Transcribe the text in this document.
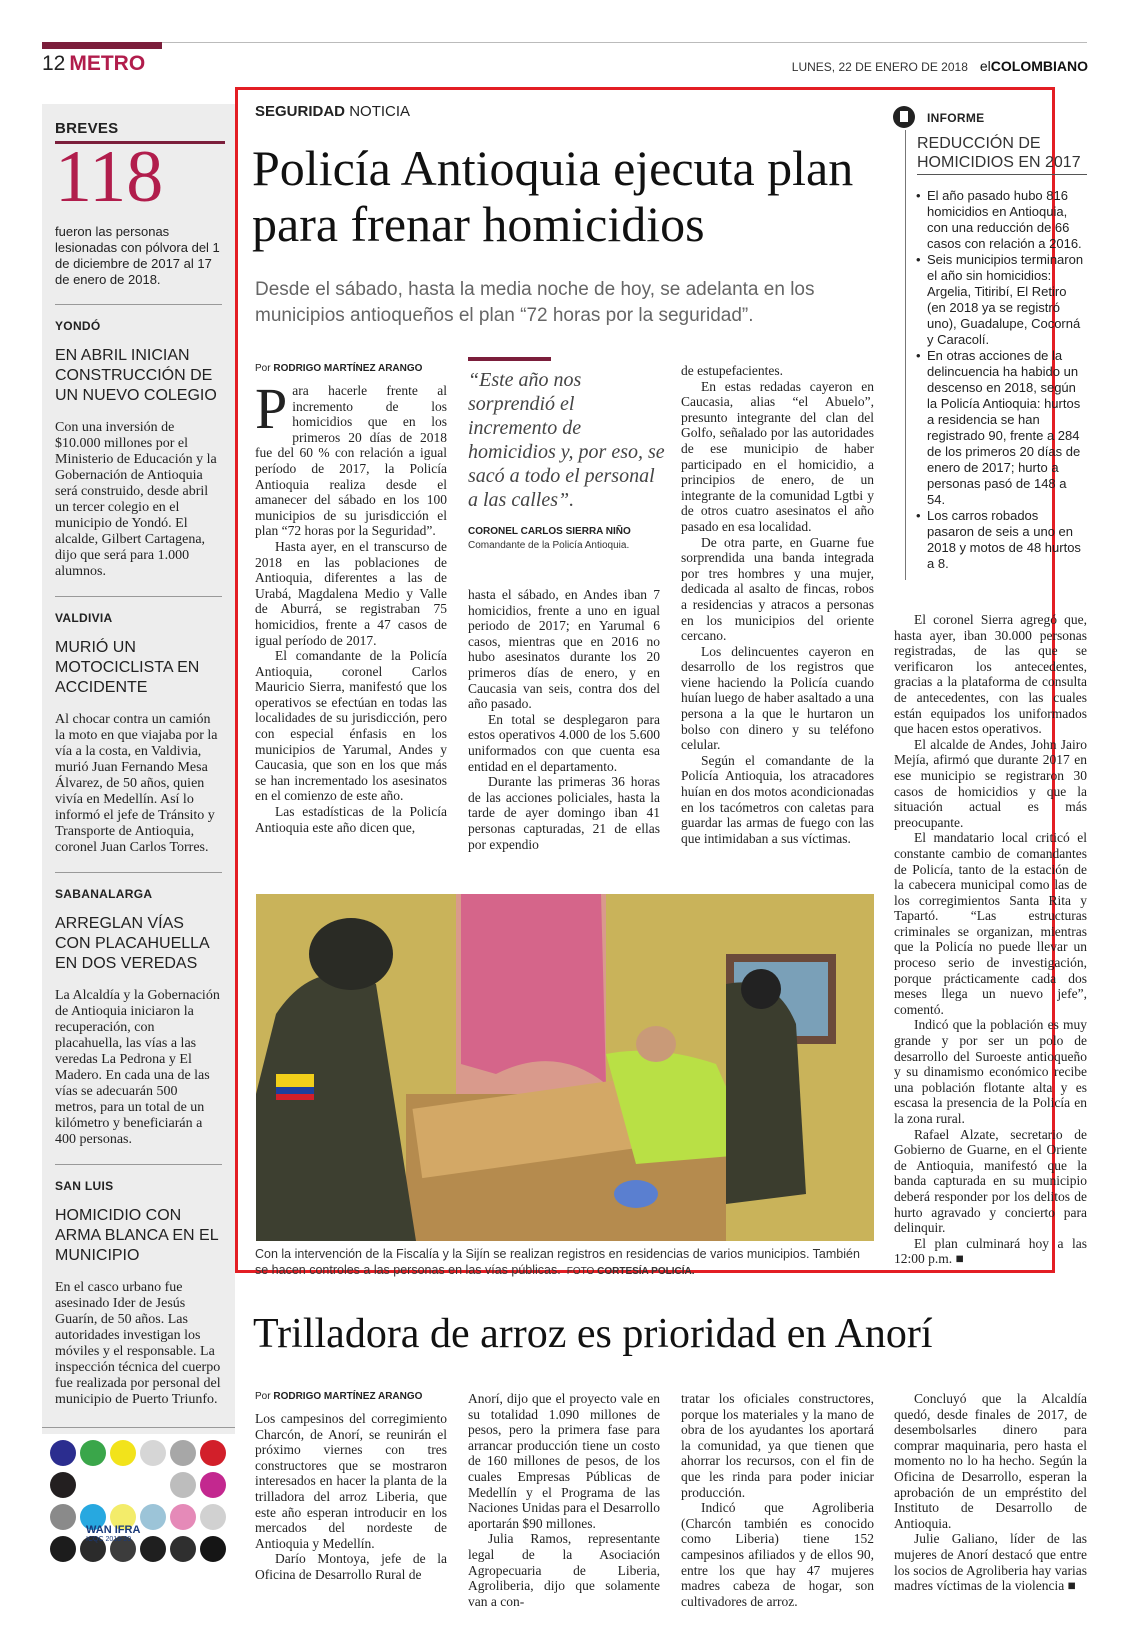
12 METRO	LUNES, 22 DE ENERO DE 2018 elCOLOMBIANO
BREVES
118
fueron las personas lesionadas con pólvora del 1 de diciembre de 2017 al 17 de enero de 2018.
YONDÓ
EN ABRIL INICIAN CONSTRUCCIÓN DE UN NUEVO COLEGIO
Con una inversión de $10.000 millones por el Ministerio de Educación y la Gobernación de Antioquia será construido, desde abril un tercer colegio en el municipio de Yondó. El alcalde, Gilbert Cartagena, dijo que será para 1.000 alumnos.
VALDIVIA
MURIÓ UN MOTOCICLISTA EN ACCIDENTE
Al chocar contra un camión la moto en que viajaba por la vía a la costa, en Valdivia, murió Juan Fernando Mesa Álvarez, de 50 años, quien vivía en Medellín. Así lo informó el jefe de Tránsito y Transporte de Antioquia, coronel Juan Carlos Torres.
SABANALARGA
ARREGLAN VÍAS CON PLACAHUELLA EN DOS VEREDAS
La Alcaldía y la Gobernación de Antioquia iniciaron la recuperación, con placahuella, las vías a las veredas La Pedrona y El Madero. En cada una de las vías se adecuarán 500 metros, para un total de un kilómetro y beneficiarán a 400 personas.
SAN LUIS
HOMICIDIO CON ARMA BLANCA EN EL MUNICIPIO
En el casco urbano fue asesinado Ider de Jesús Guarín, de 50 años. Las autoridades investigan los móviles y el responsable. La inspección técnica del cuerpo fue realizada por personal del municipio de Puerto Triunfo.
WAN IFRA
ICQC 2018-20
SEGURIDAD NOTICIA
Policía Antioquia ejecuta plan para frenar homicidios
Desde el sábado, hasta la media noche de hoy, se adelanta en los municipios antioqueños el plan “72 horas por la seguridad”.
Por RODRIGO MARTÍNEZ ARANGO

Para hacerle frente al incremento de los homicidios que en los primeros 20 días de 2018 fue del 60 % con relación a igual período de 2017, la Policía Antioquia realiza desde el amanecer del sábado en los 100 municipios de su jurisdicción el plan “72 horas por la Seguridad”.

Hasta ayer, en el transcurso de 2018 en las poblaciones de Antioquia, diferentes a las de Urabá, Magdalena Medio y Valle de Aburrá, se registraban 75 homicidios, frente a 47 casos de igual período de 2017.

El comandante de la Policía Antioquia, coronel Carlos Mauricio Sierra, manifestó que los operativos se efectúan en todas las localidades de su jurisdicción, pero con especial énfasis en los municipios de Yarumal, Andes y Caucasia, que son en los que más se han incrementado los asesinatos en el comienzo de este año.

Las estadísticas de la Policía Antioquia este año dicen que,

“Este año nos sorprendió el incremento de homicidios y, por eso, se sacó a todo el personal a las calles”.
CORONEL CARLOS SIERRA NIÑO
Comandante de la Policía Antioquia.

hasta el sábado, en Andes iban 7 homicidios, frente a uno en igual periodo de 2017; en Yarumal 6 casos, mientras que en 2016 no hubo asesinatos durante los 20 primeros días de enero, y en Caucasia van seis, contra dos del año pasado.

En total se desplegaron para estos operativos 4.000 de los 5.600 uniformados con que cuenta esa entidad en el departamento.

Durante las primeras 36 horas de las acciones policiales, hasta la tarde de ayer domingo iban 41 personas capturadas, 21 de ellas por expendio

de estupefacientes.

En estas redadas cayeron en Caucasia, alias “el Abuelo”, presunto integrante del clan del Golfo, señalado por las autoridades de ese municipio de haber participado en el homicidio, a principios de enero, de un integrante de la comunidad Lgtbi y de otros cuatro asesinatos el año pasado en esa localidad.

De otra parte, en Guarne fue sorprendida una banda integrada por tres hombres y una mujer, dedicada al asalto de fincas, robos a residencias y atracos a personas en los municipios del oriente cercano.

Los delincuentes cayeron en desarrollo de los registros que viene haciendo la Policía cuando huían luego de haber asaltado a una persona a la que le hurtaron un bolso con dinero y su teléfono celular.

Según el comandante de la Policía Antioquia, los atracadores huían en dos motos acondicionadas en los tacómetros con caletas para guardar las armas de fuego con las que intimidaban a sus víctimas.

INFORME
REDUCCIÓN DE HOMICIDIOS EN 2017
• El año pasado hubo 816 homicidios en Antioquia, con una reducción de 66 casos con relación a 2016.
• Seis municipios terminaron el año sin homicidios: Argelia, Titiribí, El Retiro (en 2018 ya se registró uno), Guadalupe, Cocorná y Caracolí.
• En otras acciones de la delincuencia ha habido un descenso en 2018, según la Policía Antioquia: hurtos a residencia se han registrado 90, frente a 284 de los primeros 20 días de enero de 2017; hurto a personas pasó de 148 a 54.
• Los carros robados pasaron de seis a uno en 2018 y motos de 48 hurtos a 8.

El coronel Sierra agregó que, hasta ayer, iban 30.000 personas registradas, de las que se verificaron los antecedentes, gracias a la plataforma de consulta de antecedentes, con las cuales están equipados los uniformados que hacen estos operativos.

El alcalde de Andes, John Jairo Mejía, afirmó que durante 2017 en ese municipio se registraron 30 casos de homicidios y que la situación actual es más preocupante.

El mandatario local criticó el constante cambio de comandantes de Policía, tanto de la estación de la cabecera municipal como las de los corregimientos Santa Rita y Tapartó. “Las estructuras criminales se organizan, mientras que la Policía no puede llevar un proceso serio de investigación, porque prácticamente cada dos meses llega un nuevo jefe”, comentó.

Indicó que la población es muy grande y por ser un polo de desarrollo del Suroeste antioqueño y su dinamismo económico recibe una población flotante alta y es escasa la presencia de la Policía en la zona rural.

Rafael Alzate, secretario de Gobierno de Guarne, en el Oriente de Antioquia, manifestó que la banda capturada en su municipio deberá responder por los delitos de hurto agravado y concierto para delinquir.

El plan culminará hoy a las 12:00 p.m. ■

Con la intervención de la Fiscalía y la Sijín se realizan registros en residencias de varios municipios. También se hacen controles a las personas en las vías públicas. FOTO CORTESÍA POLICÍA.
Trilladora de arroz es prioridad en Anorí
Por RODRIGO MARTÍNEZ ARANGO

Los campesinos del corregimiento Charcón, de Anorí, se reunirán el próximo viernes con tres constructores que se mostraron interesados en hacer la planta de la trilladora del arroz Liberia, que este año esperan introducir en los mercados del nordeste de Antioquia y Medellín.

Darío Montoya, jefe de la Oficina de Desarrollo Rural de

Anorí, dijo que el proyecto vale en su totalidad 1.090 millones de pesos, pero la primera fase para arrancar producción tiene un costo de 160 millones de pesos, de los cuales Empresas Públicas de Medellín y el Programa de las Naciones Unidas para el Desarrollo aportarán $90 millones.

Julia Ramos, representante legal de la Asociación Agropecuaria de Liberia, Agroliberia, dijo que solamente van a con-

tratar los oficiales constructores, porque los materiales y la mano de obra de los ayudantes los aportará la comunidad, ya que tienen que ahorrar los recursos, con el fin de que les rinda para poder iniciar producción.

Indicó que Agroliberia (Charcón también es conocido como Liberia) tiene 152 campesinos afiliados y de ellos 90, entre los que hay 47 mujeres madres cabeza de hogar, son cultivadores de arroz.

Concluyó que la Alcaldía quedó, desde finales de 2017, de desembolsarles dinero para comprar maquinaria, pero hasta el momento no lo ha hecho. Según la Oficina de Desarrollo, esperan la aprobación de un empréstito del Instituto de Desarrollo de Antioquia.

Julie Galiano, líder de las mujeres de Anorí destacó que entre los socios de Agroliberia hay varias madres víctimas de la violencia ■
